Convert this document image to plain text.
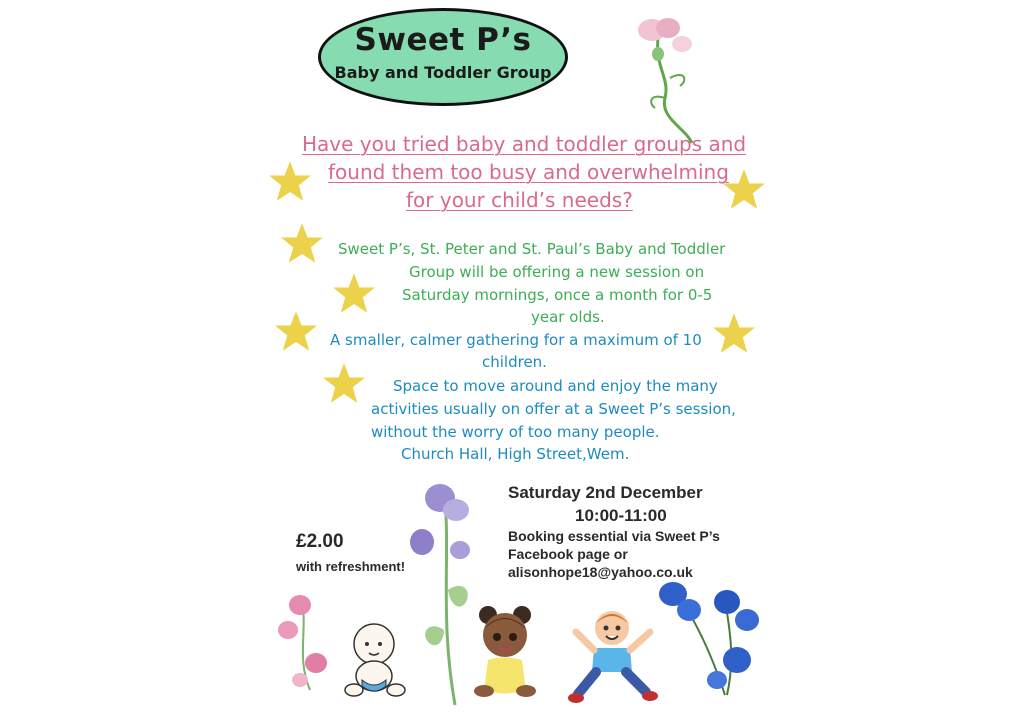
Sweet P’s
Baby and Toddler Group
Have you tried baby and toddler groups and
found them too busy and overwhelming
for your child’s needs?
Sweet P’s, St. Peter and St. Paul’s Baby and Toddler
Group will be offering a new session on
Saturday mornings, once a month for 0-5
year olds.
A smaller, calmer gathering for a maximum of 10
children.
Space to move around and enjoy the many
activities usually on offer at a Sweet P’s session,
without the worry of too many people.
Church Hall, High Street,Wem.
Saturday 2nd December
10:00-11:00
Booking essential via Sweet P’s
Facebook page or
alisonhope18@yahoo.co.uk
£2.00
with refreshment!
